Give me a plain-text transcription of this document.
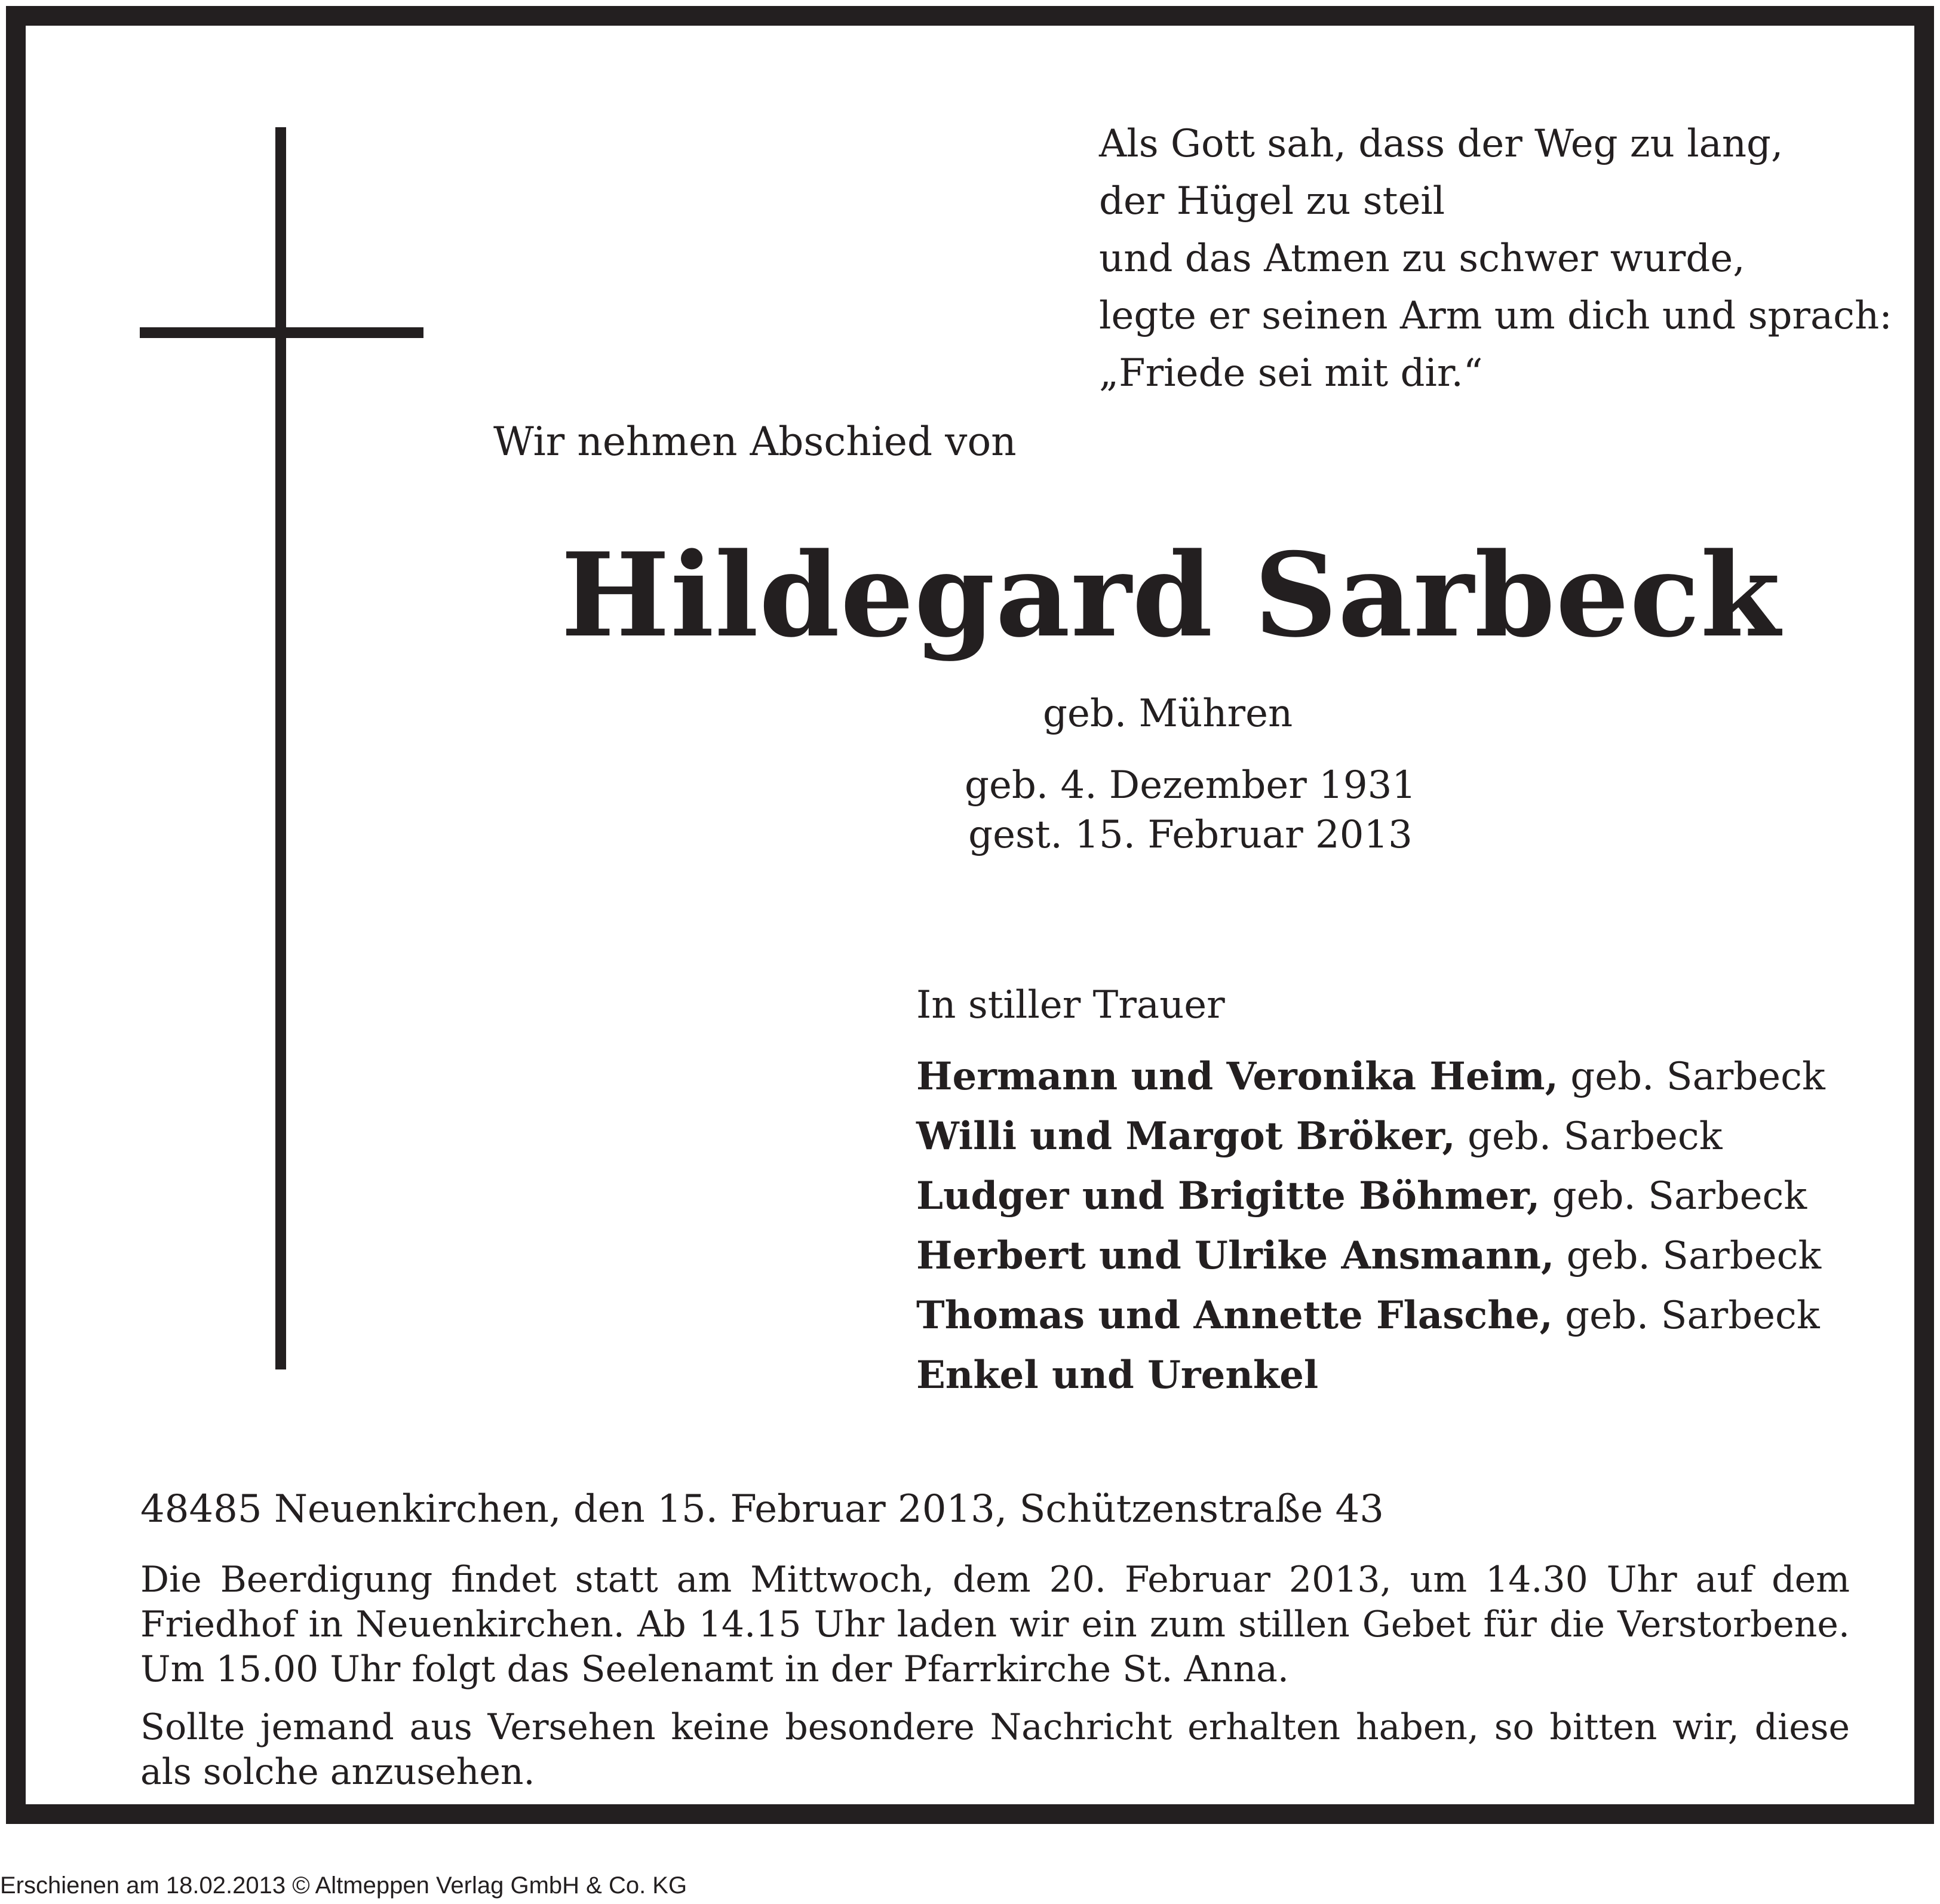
Als Gott sah, dass der Weg zu lang,
der Hügel zu steil
und das Atmen zu schwer wurde,
legte er seinen Arm um dich und sprach:
„Friede sei mit dir.“
Wir nehmen Abschied von
Hildegard Sarbeck
geb. Mühren
geb. 4. Dezember 1931
gest. 15. Februar 2013
In stiller Trauer
Hermann und Veronika Heim, geb. Sarbeck
Willi und Margot Bröker, geb. Sarbeck
Ludger und Brigitte Böhmer, geb. Sarbeck
Herbert und Ulrike Ansmann, geb. Sarbeck
Thomas und Annette Flasche, geb. Sarbeck
Enkel und Urenkel
48485 Neuenkirchen, den 15. Februar 2013, Schützenstraße 43

Die Beerdigung findet statt am Mittwoch, dem 20. Februar 2013, um 14.30 Uhr auf dem Friedhof in Neuenkirchen. Ab 14.15 Uhr laden wir ein zum stillen Gebet für die Verstorbene. Um 15.00 Uhr folgt das Seelenamt in der Pfarrkirche St. Anna.

Sollte jemand aus Versehen keine besondere Nachricht erhalten haben, so bitten wir, diese als solche anzusehen.

Erschienen am 18.02.2013 © Altmeppen Verlag GmbH & Co. KG
